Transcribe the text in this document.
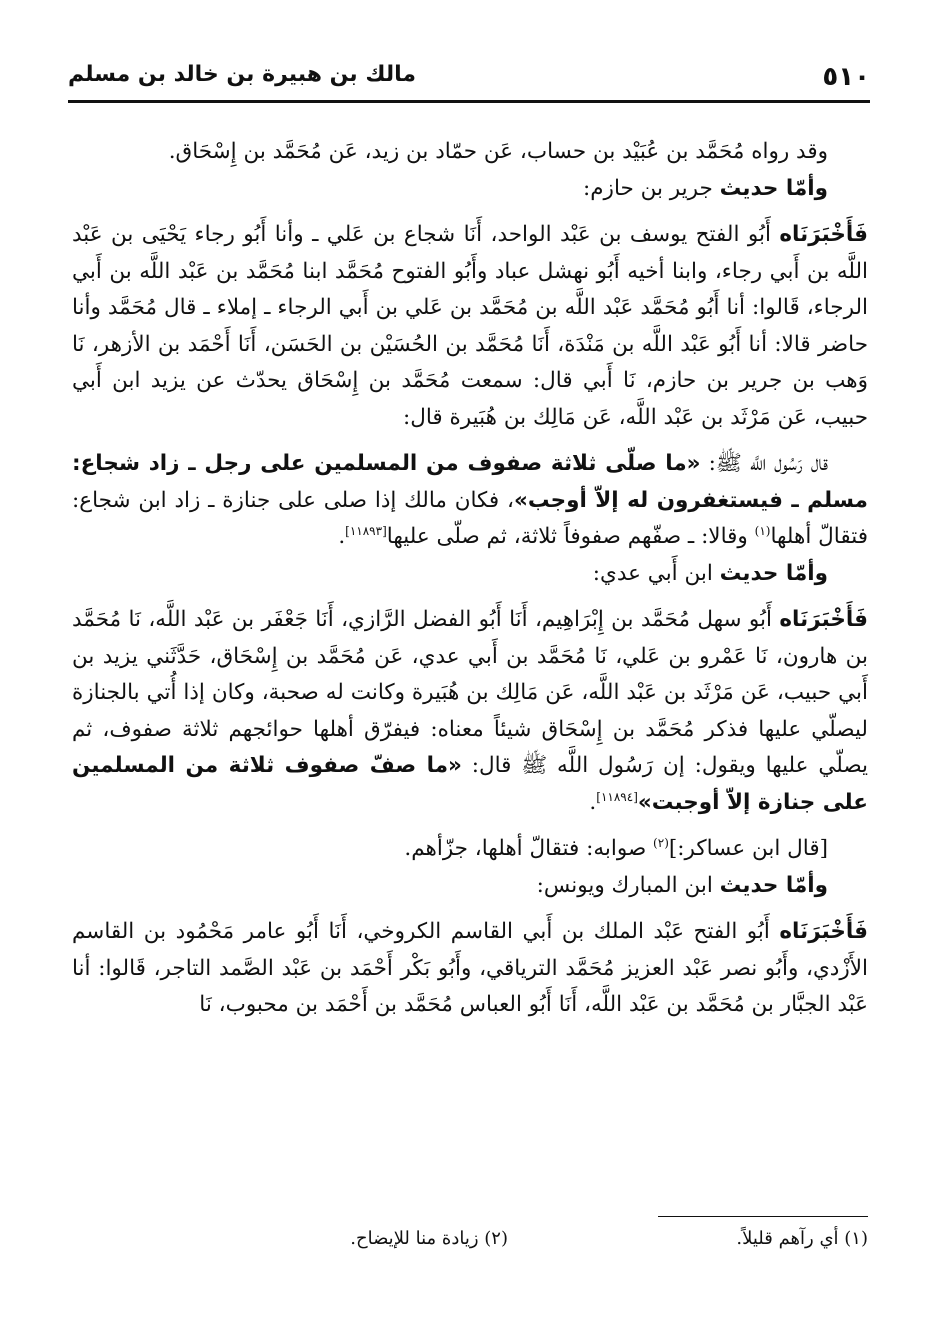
٥١٠
مالك بن هبيرة بن خالد بن مسلم

وقد رواه مُحَمَّد بن عُبَيْد بن حساب، عَن حمّاد بن زيد، عَن مُحَمَّد بن إِسْحَاق.

وأمّا حديث جرير بن حازم:

فَأَخْبَرَنَاه أَبُو الفتح يوسف بن عَبْد الواحد، أَنَا شجاع بن عَلي ـ وأنا أَبُو رجاء يَحْيَى بن عَبْد اللَّه بن أَبي رجاء، وابنا أخيه أَبُو نهشل عباد وأَبُو الفتوح مُحَمَّد ابنا مُحَمَّد بن عَبْد اللَّه بن أَبي الرجاء، قَالوا: أنا أَبُو مُحَمَّد عَبْد اللَّه بن مُحَمَّد بن عَلي بن أَبي الرجاء ـ إملاء ـ قال مُحَمَّد وأنا حاضر قالا: أنا أَبُو عَبْد اللَّه بن مَنْدَة، أَنَا مُحَمَّد بن الحُسَيْن بن الحَسَن، أَنَا أَحْمَد بن الأزهر، نَا وَهب بن جرير بن حازم، نَا أَبي قال: سمعت مُحَمَّد بن إِسْحَاق يحدّث عن يزيد ابن أَبي حبيب، عَن مَرْثَد بن عَبْد اللَّه، عَن مَالِك بن هُبَيرة قال:

قال رَسُول اللَّه ﷺ: «ما صلّى ثلاثة صفوف من المسلمين على رجل ـ زاد شجاع: مسلم ـ فيستغفرون له إلاّ أوجب»، فكان مالك إذا صلى على جنازة ـ زاد ابن شجاع: فتقالّ أهلها$^{(١)}$ وقالا: ـ صفّهم صفوفاً ثلاثة، ثم صلّى عليها[١١٨٩٣].

وأمّا حديث ابن أَبي عدي:

فَأَخْبَرَنَاه أَبُو سهل مُحَمَّد بن إِبْرَاهِيم، أَنَا أَبُو الفضل الرَّازي، أَنَا جَعْفَر بن عَبْد اللَّه، نَا مُحَمَّد بن هارون، نَا عَمْرو بن عَلي، نَا مُحَمَّد بن أَبي عدي، عَن مُحَمَّد بن إِسْحَاق، حَدَّثَني يزيد بن أَبي حبيب، عَن مَرْثَد بن عَبْد اللَّه، عَن مَالِك بن هُبَيرة وكانت له صحبة، وكان إذا أُتي بالجنازة ليصلّي عليها فذكر مُحَمَّد بن إِسْحَاق شيئاً معناه: فيفرّق أهلها حوائجهم ثلاثة صفوف، ثم يصلّي عليها ويقول: إن رَسُول اللَّه ﷺ قال: «ما صفّ صفوف ثلاثة من المسلمين على جنازة إلاّ أوجبت»[١١٨٩٤].

[قال ابن عساكر:]$^{(٢)}$ صوابه: فتقالّ أهلها، جزّأهم.

وأمّا حديث ابن المبارك ويونس:

فَأَخْبَرَنَاه أَبُو الفتح عَبْد الملك بن أَبي القاسم الكروخي، أَنَا أَبُو عامر مَحْمُود بن القاسم الأَزْدي، وأَبُو نصر عَبْد العزيز مُحَمَّد الترياقي، وأَبُو بَكْر أَحْمَد بن عَبْد الصَّمد التاجر، قَالوا: أنا عَبْد الجبَّار بن مُحَمَّد بن عَبْد اللَّه، أَنَا أَبُو العباس مُحَمَّد بن أَحْمَد بن محبوب، نَا

(١) أي رآهم قليلاً.
(٢) زيادة منا للإيضاح.
